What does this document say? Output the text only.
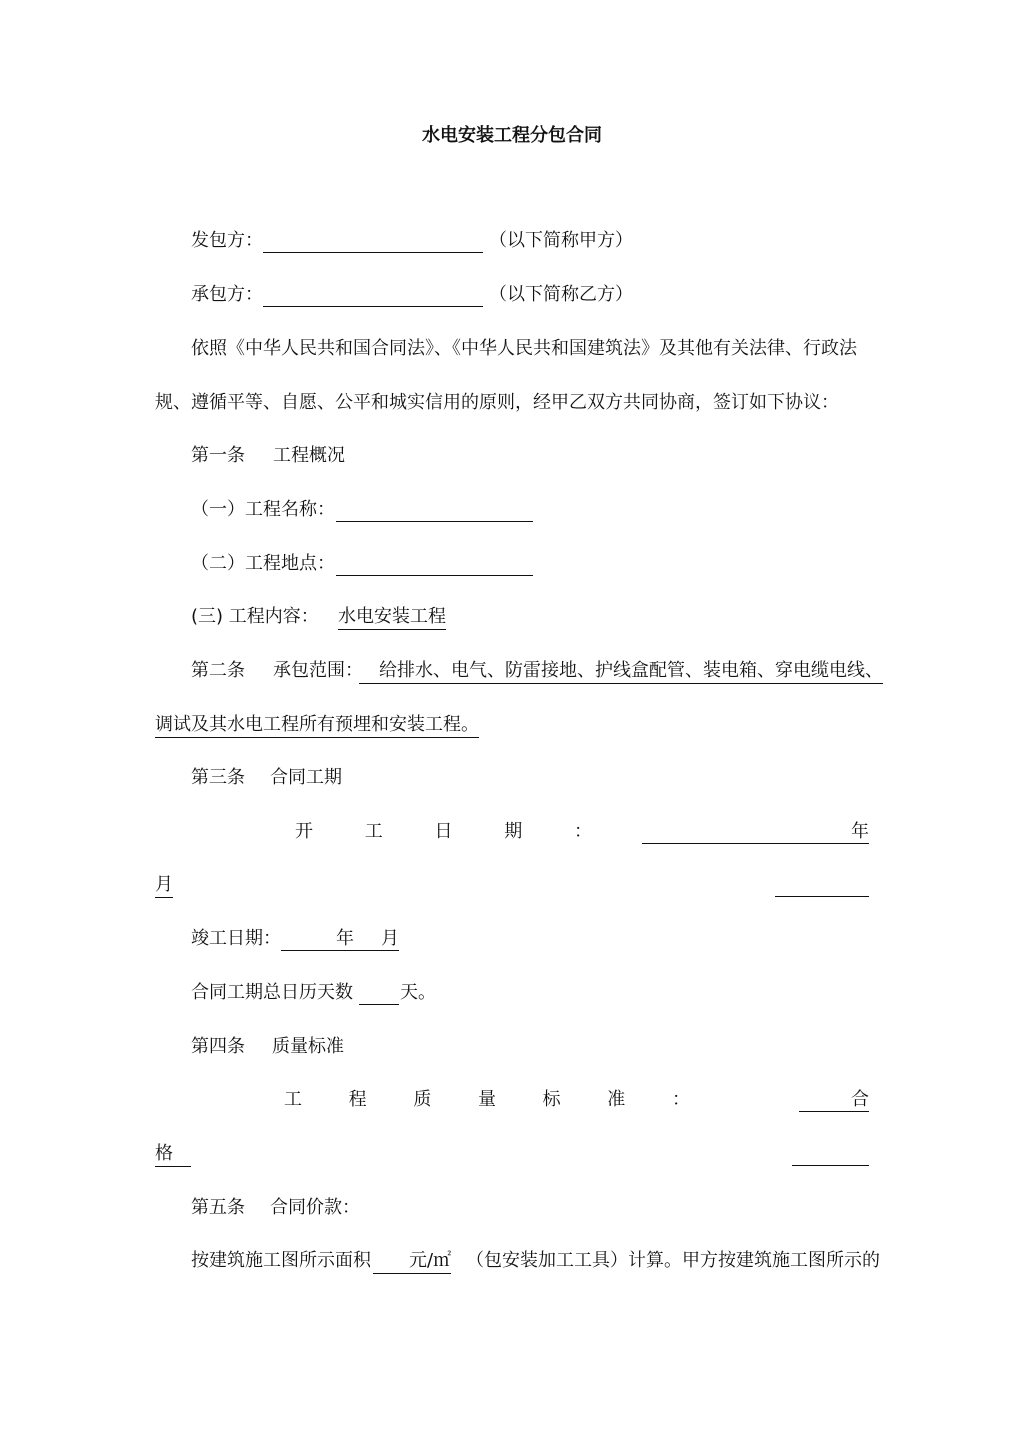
水电安装工程分包合同
发包方：	（以下简称甲方）
承包方：	（以下简称乙方）
依照《中华人民共和国合同法》、《中华人民共和国建筑法》及其他有关法律、行政法
规、遵循平等、自愿、公平和城实信用的原则，经甲乙双方共同协商，签订如下协议：
第一条 工程概况
（一）工程名称：
（二）工程地点：
(三) 工程内容： 水电安装工程
第二条 承包范围： 给排水、电气、防雷接地、护线盒配管、装电箱、穿电缆电线、
调试及其水电工程所有预埋和安装工程。
第三条 合同工期
开	工	日	期	：	年
月
竣工日期：	年 月
合同工期总日历天数	天。
第四条 质量标准
工	程	质	量	标	准	：	合
格
第五条 合同价款：
按建筑施工图所示面积	元/㎡ （包安装加工工具）计算。甲方按建筑施工图所示的
